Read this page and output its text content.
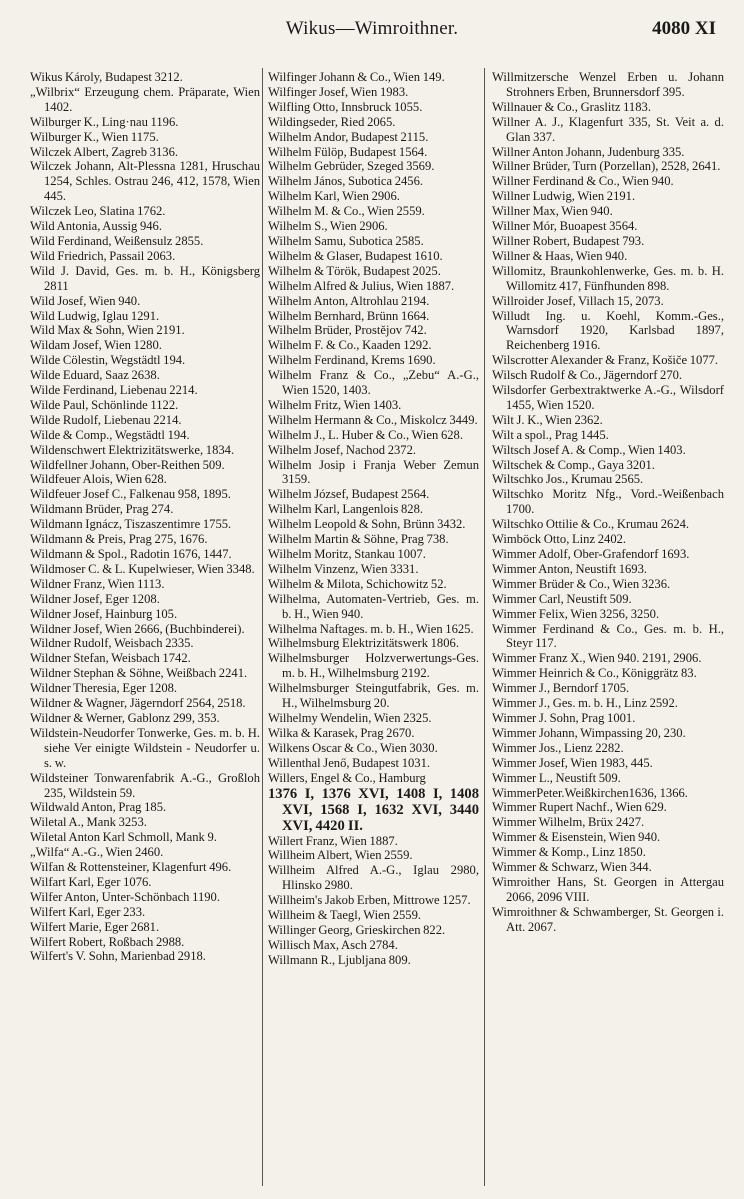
Wikus—Wimroithner.	4080 XI
Wikus Károly, Budapest 3212.
„Wilbrix“ Erzeugung chem. Präparate, Wien 1402.
Wilburger K., Ling·nau 1196.
Wilburger K., Wien 1175.
Wilczek Albert, Zagreb 3136.
Wilczek Johann, Alt-Plessna 1281, Hruschau 1254, Schles. Ostrau 246, 412, 1578, Wien 445.
Wilczek Leo, Slatina 1762.
Wild Antonia, Aussig 946.
Wild Ferdinand, Weißensulz 2855.
Wild Friedrich, Passail 2063.
Wild J. David, Ges. m. b. H., Königsberg 2811
Wild Josef, Wien 940.
Wild Ludwig, Iglau 1291.
Wild Max & Sohn, Wien 2191.
Wildam Josef, Wien 1280.
Wilde Cölestin, Wegstädtl 194.
Wilde Eduard, Saaz 2638.
Wilde Ferdinand, Liebenau 2214.
Wilde Paul, Schönlinde 1122.
Wilde Rudolf, Liebenau 2214.
Wilde & Comp., Wegstädtl 194.
Wildenschwert Elektrizitätswerke, 1834.
Wildfellner Johann, Ober-Reithen 509.
Wildfeuer Alois, Wien 628.
Wildfeuer Josef C., Falkenau 958, 1895.
Wildmann Brüder, Prag 274.
Wildmann Ignácz, Tiszaszentimre 1755.
Wildmann & Preis, Prag 275, 1676.
Wildmann & Spol., Radotin 1676, 1447.
Wildmoser C. & L. Kupelwieser, Wien 3348.
Wildner Franz, Wien 1113.
Wildner Josef, Eger 1208.
Wildner Josef, Hainburg 105.
Wildner Josef, Wien 2666, (Buchbinderei).
Wildner Rudolf, Weisbach 2335.
Wildner Stefan, Weisbach 1742.
Wildner Stephan & Söhne, Weißbach 2241.
Wildner Theresia, Eger 1208.
Wildner & Wagner, Jägerndorf 2564, 2518.
Wildner & Werner, Gablonz 299, 353.
Wildstein-Neudorfer Tonwerke, Ges. m. b. H. siehe Ver einigte Wildstein - Neudorfer u. s. w.
Wildsteiner Tonwarenfabrik A.-G., Großloh 235, Wildstein 59.
Wildwald Anton, Prag 185.
Wiletal A., Mank 3253.
Wiletal Anton Karl Schmoll, Mank 9.
„Wilfa“ A.-G., Wien 2460.
Wilfan & Rottensteiner, Klagenfurt 496.
Wilfart Karl, Eger 1076.
Wilfer Anton, Unter-Schönbach 1190.
Wilfert Karl, Eger 233.
Wilfert Marie, Eger 2681.
Wilfert Robert, Roßbach 2988.
Wilfert's V. Sohn, Marienbad 2918.
Wilfinger Johann & Co., Wien 149.
Wilfinger Josef, Wien 1983.
Wilfling Otto, Innsbruck 1055.
Wildingseder, Ried 2065.
Wilhelm Andor, Budapest 2115.
Wilhelm Fülöp, Budapest 1564.
Wilhelm Gebrüder, Szeged 3569.
Wilhelm János, Subotica 2456.
Wilhelm Karl, Wien 2906.
Wilhelm M. & Co., Wien 2559.
Wilhelm S., Wien 2906.
Wilhelm Samu, Subotica 2585.
Wilhelm & Glaser, Budapest 1610.
Wilhelm & Török, Budapest 2025.
Wilhelm Alfred & Julius, Wien 1887.
Wilhelm Anton, Altrohlau 2194.
Wilhelm Bernhard, Brünn 1664.
Wilhelm Brüder, Prostějov 742.
Wilhelm F. & Co., Kaaden 1292.
Wilhelm Ferdinand, Krems 1690.
Wilhelm Franz & Co., „Zebu“ A.-G., Wien 1520, 1403.
Wilhelm Fritz, Wien 1403.
Wilhelm Hermann & Co., Miskolcz 3449.
Wilhelm J., L. Huber & Co., Wien 628.
Wilhelm Josef, Nachod 2372.
Wilhelm Josip i Franja Weber Zemun 3159.
Wilhelm József, Budapest 2564.
Wilhelm Karl, Langenlois 828.
Wilhelm Leopold & Sohn, Brünn 3432.
Wilhelm Martin & Söhne, Prag 738.
Wilhelm Moritz, Stankau 1007.
Wilhelm Vinzenz, Wien 3331.
Wilhelm & Milota, Schichowitz 52.
Wilhelma, Automaten-Vertrieb, Ges. m. b. H., Wien 940.
Wilhelma Naftages. m. b. H., Wien 1625.
Wilhelmsburg Elektrizitätswerk 1806.
Wilhelmsburger Holzverwertungs-Ges. m. b. H., Wilhelmsburg 2192.
Wilhelmsburger Steingutfabrik, Ges. m. H., Wilhelmsburg 20.
Wilhelmy Wendelin, Wien 2325.
Wilka & Karasek, Prag 2670.
Wilkens Oscar & Co., Wien 3030.
Willenthal Jenő, Budapest 1031.
Willers, Engel & Co., Hamburg
1376 I, 1376 XVI, 1408 I, 1408 XVI, 1568 I, 1632 XVI, 3440 XVI, 4420 II.
Willert Franz, Wien 1887.
Willheim Albert, Wien 2559.
Willheim Alfred A.-G., Iglau 2980, Hlinsko 2980.
Willheim's Jakob Erben, Mittrowe 1257.
Willheim & Taegl, Wien 2559.
Willinger Georg, Grieskirchen 822.
Willisch Max, Asch 2784.
Willmann R., Ljubljana 809.
Willmitzersche Wenzel Erben u. Johann Strohners Erben, Brunnersdorf 395.
Willnauer & Co., Graslitz 1183.
Willner A. J., Klagenfurt 335, St. Veit a. d. Glan 337.
Willner Anton Johann, Judenburg 335.
Willner Brüder, Turn (Porzellan), 2528, 2641.
Willner Ferdinand & Co., Wien 940.
Willner Ludwig, Wien 2191.
Willner Max, Wien 940.
Willner Mór, Buoapest 3564.
Willner Robert, Budapest 793.
Willner & Haas, Wien 940.
Willomitz, Braunkohlenwerke, Ges. m. b. H. Willomitz 417, Fünfhunden 898.
Willroider Josef, Villach 15, 2073.
Willudt Ing. u. Koehl, Komm.-Ges., Warnsdorf 1920, Karlsbad 1897, Reichenberg 1916.
Wilscrotter Alexander & Franz, Košiče 1077.
Wilsch Rudolf & Co., Jägerndorf 270.
Wilsdorfer Gerbextraktwerke A.-G., Wilsdorf 1455, Wien 1520.
Wilt J. K., Wien 2362.
Wilt a spol., Prag 1445.
Wiltsch Josef A. & Comp., Wien 1403.
Wiltschek & Comp., Gaya 3201.
Wiltschko Jos., Krumau 2565.
Wiltschko Moritz Nfg., Vord.-Weißenbach 1700.
Wiltschko Ottilie & Co., Krumau 2624.
Wimböck Otto, Linz 2402.
Wimmer Adolf, Ober-Grafendorf 1693.
Wimmer Anton, Neustift 1693.
Wimmer Brüder & Co., Wien 3236.
Wimmer Carl, Neustift 509.
Wimmer Felix, Wien 3256, 3250.
Wimmer Ferdinand & Co., Ges. m. b. H., Steyr 117.
Wimmer Franz X., Wien 940. 2191, 2906.
Wimmer Heinrich & Co., Königgrätz 83.
Wimmer J., Berndorf 1705.
Wimmer J., Ges. m. b. H., Linz 2592.
Wimmer J. Sohn, Prag 1001.
Wimmer Johann, Wimpassing 20, 230.
Wimmer Jos., Lienz 2282.
Wimmer Josef, Wien 1983, 445.
Wimmer L., Neustift 509.
WimmerPeter.Weißkirchen1636, 1366.
Wimmer Rupert Nachf., Wien 629.
Wimmer Wilhelm, Brüx 2427.
Wimmer & Eisenstein, Wien 940.
Wimmer & Komp., Linz 1850.
Wimmer & Schwarz, Wien 344.
Wimroither Hans, St. Georgen in Attergau 2066, 2096 VIII.
Wimroithner & Schwamberger, St. Georgen i. Att. 2067.
